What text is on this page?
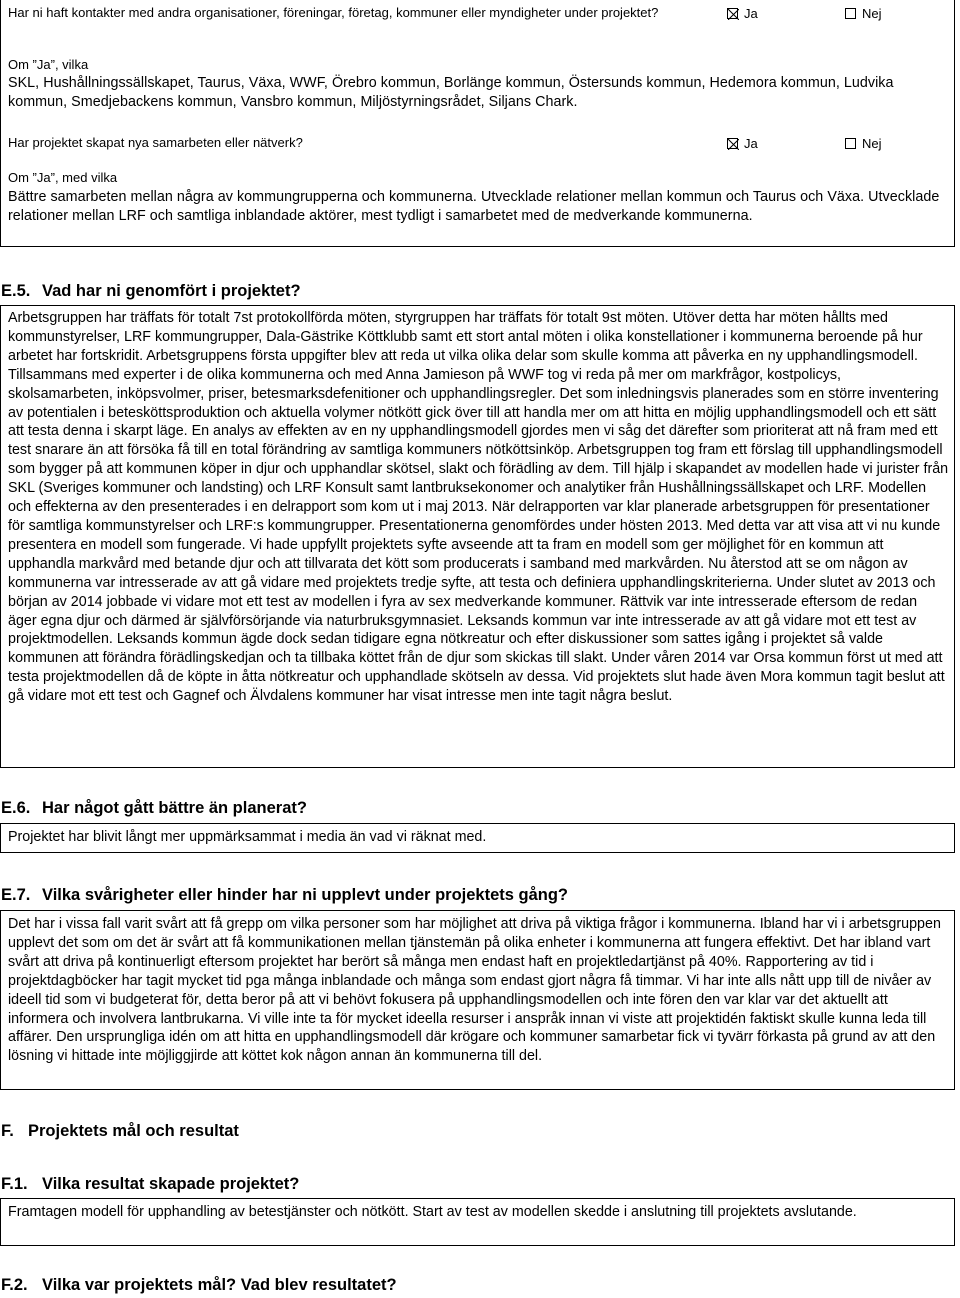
Har ni haft kontakter med andra organisationer, föreningar, företag, kommuner eller myndigheter under projektet?	Ja	Nej
Om ”Ja”, vilka
SKL, Hushållningssällskapet, Taurus, Växa, WWF, Örebro kommun, Borlänge kommun, Östersunds kommun, Hedemora kommun, Ludvika kommun, Smedjebackens kommun, Vansbro kommun, Miljöstyrningsrådet, Siljans Chark.
Har projektet skapat nya samarbeten eller nätverk?	Ja	Nej
Om ”Ja”, med vilka
Bättre samarbeten mellan några av kommungrupperna och kommunerna. Utvecklade relationer mellan kommun och Taurus och Växa. Utvecklade relationer mellan LRF och samtliga inblandade aktörer, mest tydligt i samarbetet med de medverkande kommunerna.
E.5. Vad har ni genomfört i projektet?
Arbetsgruppen har träffats för totalt 7st protokollförda möten, styrgruppen har träffats för totalt 9st möten. Utöver detta har möten hållts med kommunstyrelser, LRF kommungrupper, Dala-Gästrike Köttklubb samt ett stort antal möten i olika konstellationer i kommunerna beroende på hur arbetet har fortskridit. Arbetsgruppens första uppgifter blev att reda ut vilka olika delar som skulle komma att påverka en ny upphandlingsmodell. Tillsammans med experter i de olika kommunerna och med Anna Jamieson på WWF tog vi reda på mer om markfrågor, kostpolicys, skolsamarbeten, inköpsvolmer, priser, betesmarksdefenitioner och upphandlingsregler. Det som inledningsvis planerades som en större inventering av potentialen i betesköttsproduktion och aktuella volymer nötkött gick över till att handla mer om att hitta en möjlig upphandlingsmodell och ett sätt att testa denna i skarpt läge. En analys av effekten av en ny upphandlingsmodell gjordes men vi såg det därefter som prioriterat att nå fram med ett test snarare än att försöka få till en total förändring av samtliga kommuners nötköttsinköp. Arbetsgruppen tog fram ett förslag till upphandlingsmodell som bygger på att kommunen köper in djur och upphandlar skötsel, slakt och förädling av dem. Till hjälp i skapandet av modellen hade vi jurister från SKL (Sveriges kommuner och landsting) och LRF Konsult samt lantbruksekonomer och analytiker från Hushållningssällskapet och LRF. Modellen och effekterna av den presenterades i en delrapport som kom ut i maj 2013. När delrapporten var klar planerade arbetsgruppen för presentationer för samtliga kommunstyrelser och LRF:s kommungrupper. Presentationerna genomfördes under hösten 2013. Med detta var att visa att vi nu kunde presentera en modell som fungerade. Vi hade uppfyllt projektets syfte avseende att ta fram en modell som ger möjlighet för en kommun att upphandla markvård med betande djur och att tillvarata det kött som producerats i samband med markvården. Nu återstod att se om någon av kommunerna var intresserade av att gå vidare med projektets tredje syfte, att testa och definiera upphandlingskriterierna. Under slutet av 2013 och början av 2014 jobbade vi vidare mot ett test av modellen i fyra av sex medverkande kommuner. Rättvik var inte intresserade eftersom de redan äger egna djur och därmed är självförsörjande via naturbruksgymnasiet. Leksands kommun var inte intresserade av att gå vidare mot ett test av projektmodellen. Leksands kommun ägde dock sedan tidigare egna nötkreatur och efter diskussioner som sattes igång i projektet så valde kommunen att förändra förädlingskedjan och ta tillbaka köttet från de djur som skickas till slakt. Under våren 2014 var Orsa kommun först ut med att testa projektmodellen då de köpte in åtta nötkreatur och upphandlade skötseln av dessa. Vid projektets slut hade även Mora kommun tagit beslut att gå vidare mot ett test och Gagnef och Älvdalens kommuner har visat intresse men inte tagit några beslut.
E.6. Har något gått bättre än planerat?
Projektet har blivit långt mer uppmärksammat i media än vad vi räknat med.
E.7. Vilka svårigheter eller hinder har ni upplevt under projektets gång?
Det har i vissa fall varit svårt att få grepp om vilka personer som har möjlighet att driva på viktiga frågor i kommunerna. Ibland har vi i arbetsgruppen upplevt det som om det är svårt att få kommunikationen mellan tjänstemän på olika enheter i kommunerna att fungera effektivt. Det har ibland vart svårt att driva på kontinuerligt eftersom projektet har berört så många men endast haft en projektledartjänst på 40%. Rapportering av tid i projektdagböcker har tagit mycket tid pga många inblandade och många som endast gjort några få timmar. Vi har inte alls nått upp till de nivåer av ideell tid som vi budgeterat för, detta beror på att vi behövt fokusera på upphandlingsmodellen och inte fören den var klar var det aktuellt att informera och involvera lantbrukarna. Vi ville inte ta för mycket ideella resurser i anspråk innan vi viste att projektidén faktiskt skulle kunna leda till affärer. Den ursprungliga idén om att hitta en upphandlingsmodell där krögare och kommuner samarbetar fick vi tyvärr förkasta på grund av att den lösning vi hittade inte möjliggjirde att köttet kok någon annan än kommunerna till del.
F. Projektets mål och resultat
F.1. Vilka resultat skapade projektet?
Framtagen modell för upphandling av betestjänster och nötkött. Start av test av modellen skedde i anslutning till projektets avslutande.
F.2. Vilka var projektets mål? Vad blev resultatet?
